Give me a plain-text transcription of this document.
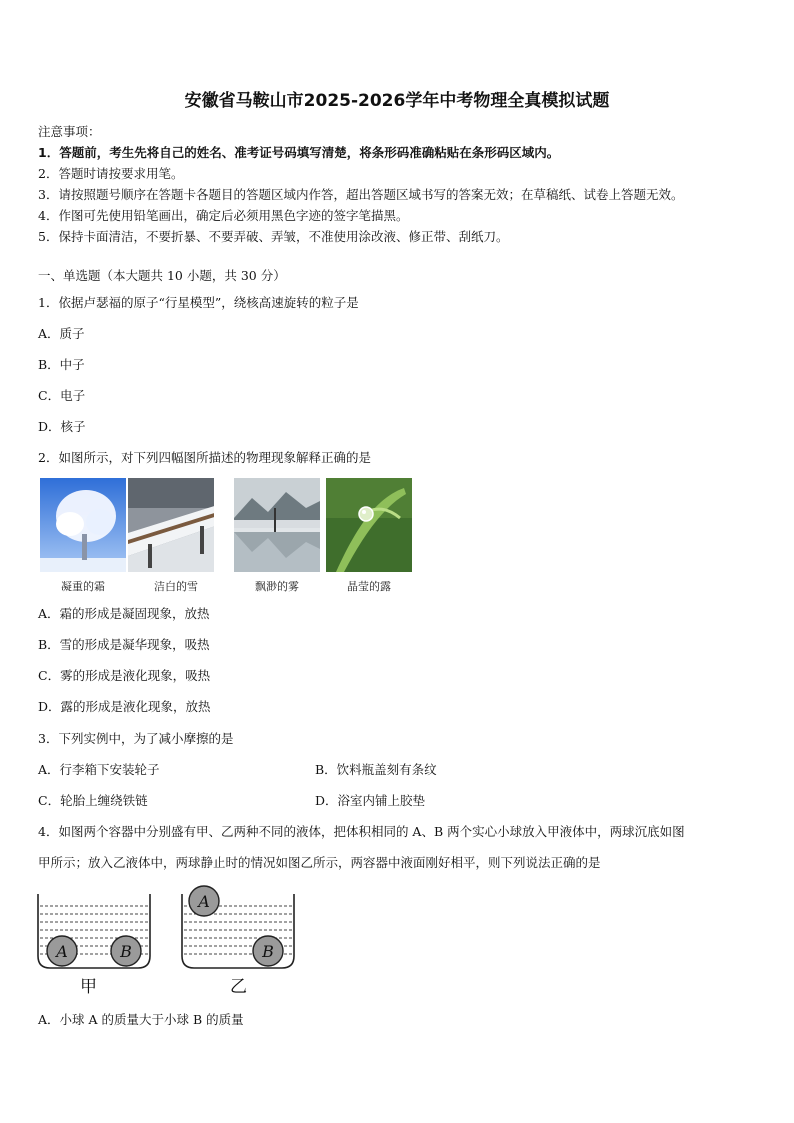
安徽省马鞍山市2025-2026学年中考物理全真模拟试题
注意事项：
1．答题前，考生先将自己的姓名、准考证号码填写清楚，将条形码准确粘贴在条形码区域内。
2．答题时请按要求用笔。
3．请按照题号顺序在答题卡各题目的答题区域内作答，超出答题区域书写的答案无效；在草稿纸、试卷上答题无效。
4．作图可先使用铅笔画出，确定后必须用黑色字迹的签字笔描黑。
5．保持卡面清洁，不要折暴、不要弄破、弄皱，不准使用涂改液、修正带、刮纸刀。
一、单选题（本大题共 10 小题，共 30 分）
1．依据卢瑟福的原子“行星模型”，绕核高速旋转的粒子是
A．质子
B．中子
C．电子
D．核子
2．如图所示，对下列四幅图所描述的物理现象解释正确的是
凝重的霜	洁白的雪	飘渺的雾	晶莹的露
A．霜的形成是凝固现象，放热
B．雪的形成是凝华现象，吸热
C．雾的形成是液化现象，吸热
D．露的形成是液化现象，放热
3．下列实例中，为了减小摩擦的是
A．行李箱下安装轮子	B．饮料瓶盖刻有条纹
C．轮胎上缠绕铁链	D．浴室内铺上胶垫
4．如图两个容器中分别盛有甲、乙两种不同的液体，把体积相同的 A、B 两个实心小球放入甲液体中，两球沉底如图
甲所示；放入乙液体中，两球静止时的情况如图乙所示，两容器中液面刚好相平，则下列说法正确的是
A	B
A
B
甲	乙
A．小球 A 的质量大于小球 B 的质量
